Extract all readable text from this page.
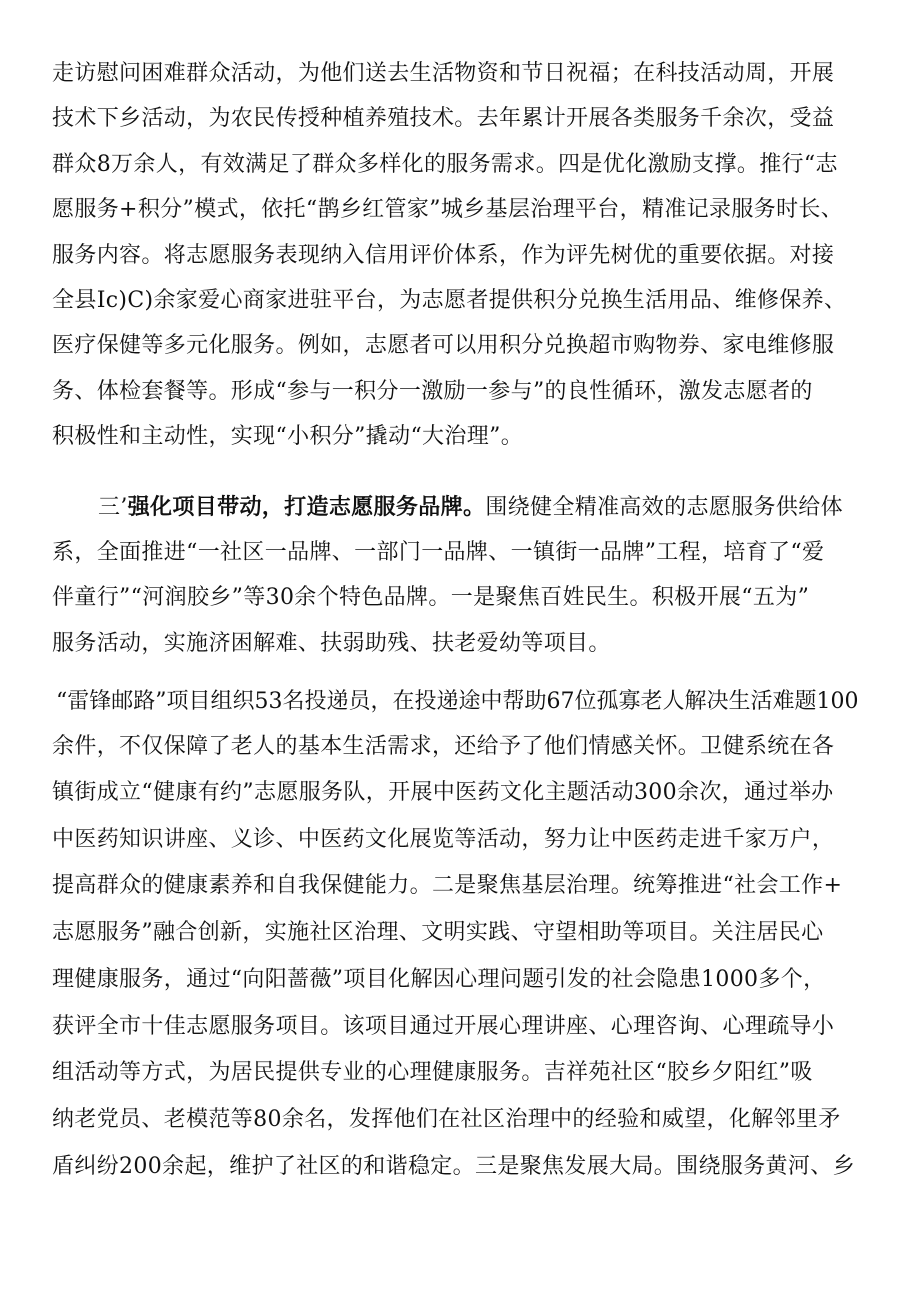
走访慰问困难群众活动，为他们送去生活物资和节日祝福；在科技活动周，开展
技术下乡活动，为农民传授种植养殖技术。去年累计开展各类服务千余次，受益
群众8万余人，有效满足了群众多样化的服务需求。四是优化激励支撑。推行“志
愿服务+积分”模式，依托“鹊乡红管家”城乡基层治理平台，精准记录服务时长、
服务内容。将志愿服务表现纳入信用评价体系，作为评先树优的重要依据。对接
全县Ic)C)余家爱心商家进驻平台，为志愿者提供积分兑换生活用品、维修保养、
医疗保健等多元化服务。例如，志愿者可以用积分兑换超市购物券、家电维修服
务、体检套餐等。形成“参与一积分一激励一参与”的良性循环，激发志愿者的
积极性和主动性，实现“小积分”撬动“大治理”。
三’强化项目带动，打造志愿服务品牌。围绕健全精准高效的志愿服务供给体
系，全面推进“一社区一品牌、一部门一品牌、一镇街一品牌”工程，培育了“爱
伴童行”“河润胶乡”等30余个特色品牌。一是聚焦百姓民生。积极开展“五为”
服务活动，实施济困解难、扶弱助残、扶老爱幼等项目。
“雷锋邮路”项目组织53名投递员，在投递途中帮助67位孤寡老人解决生活难题100
余件，不仅保障了老人的基本生活需求，还给予了他们情感关怀。卫健系统在各
镇街成立“健康有约”志愿服务队，开展中医药文化主题活动300余次，通过举办
中医药知识讲座、义诊、中医药文化展览等活动，努力让中医药走进千家万户，
提高群众的健康素养和自我保健能力。二是聚焦基层治理。统筹推进“社会工作+
志愿服务”融合创新，实施社区治理、文明实践、守望相助等项目。关注居民心
理健康服务，通过“向阳蔷薇”项目化解因心理问题引发的社会隐患1000多个，
获评全市十佳志愿服务项目。该项目通过开展心理讲座、心理咨询、心理疏导小
组活动等方式，为居民提供专业的心理健康服务。吉祥苑社区“胶乡夕阳红”吸
纳老党员、老模范等80余名，发挥他们在社区治理中的经验和威望，化解邻里矛
盾纠纷200余起，维护了社区的和谐稳定。三是聚焦发展大局。围绕服务黄河、乡
